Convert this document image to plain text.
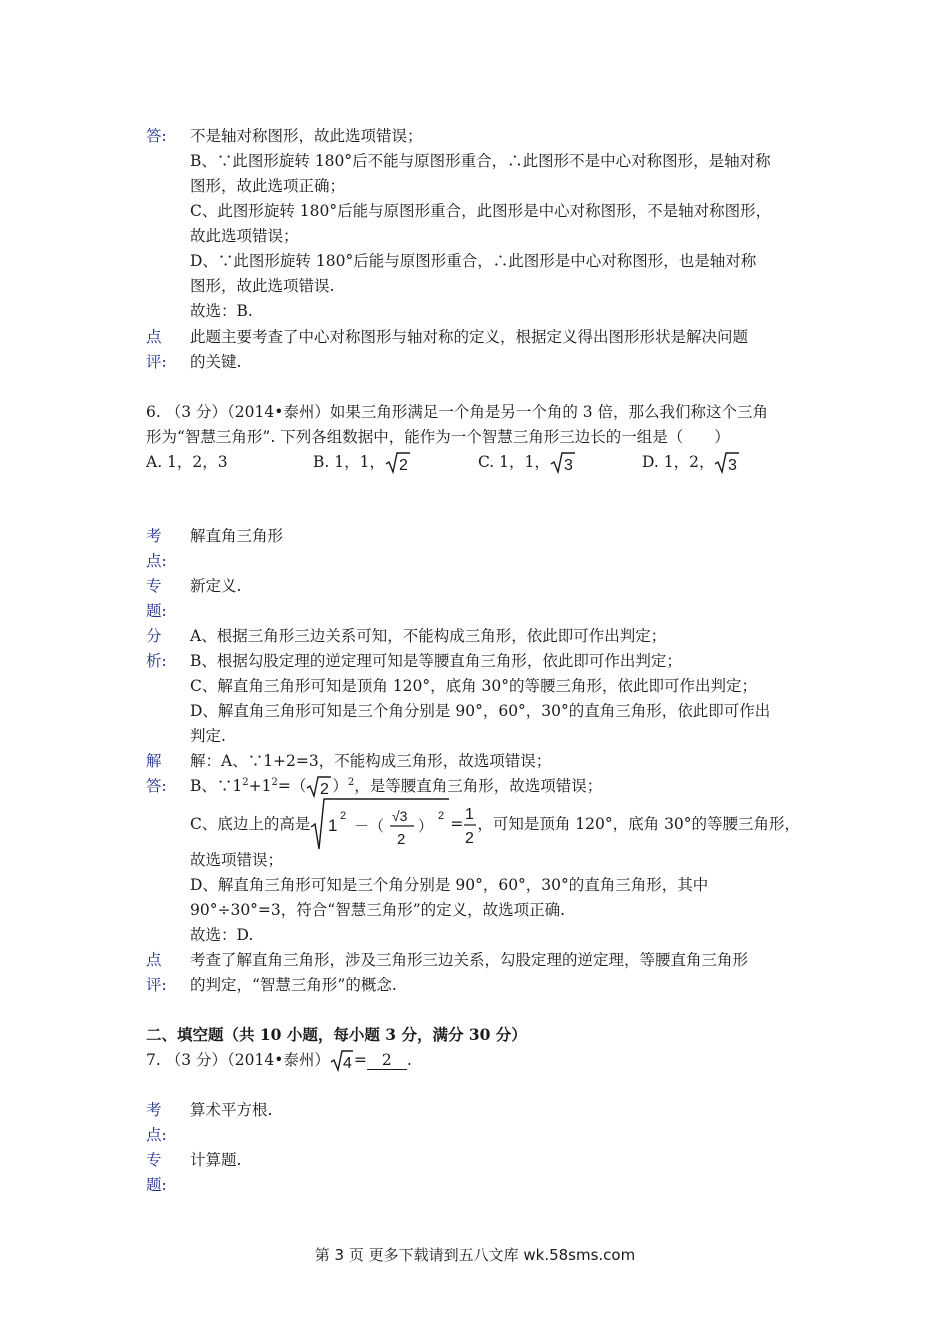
答: 不是轴对称图形，故此选项错误；
B、∵此图形旋转 180°后不能与原图形重合，∴此图形不是中心对称图形，是轴对称
图形，故此选项正确；
C、此图形旋转 180°后能与原图形重合，此图形是中心对称图形，不是轴对称图形，
故此选项错误；
D、∵此图形旋转 180°后能与原图形重合，∴此图形是中心对称图形，也是轴对称
图形，故此选项错误.
故选：B.
点
评:
此题主要考查了中心对称图形与轴对称的定义，根据定义得出图形形状是解决问题
的关键.
6. （3 分）（2014•泰州）如果三角形满足一个角是另一个角的 3 倍，那么我们称这个三角
形为“智慧三角形”. 下列各组数据中，能作为一个智慧三角形三边长的一组是（　　）
A. 1，2，3	B. 1，1， 2	C. 1，1， 3	D. 1，2， 3
考
点:
解直角三角形
专
题:
新定义.
分
析:
A、根据三角形三边关系可知，不能构成三角形，依此即可作出判定；
B、根据勾股定理的逆定理可知是等腰直角三角形，依此即可作出判定；
C、解直角三角形可知是顶角 120°，底角 30°的等腰三角形，依此即可作出判定；
D、解直角三角形可知是三个角分别是 90°，60°，30°的直角三角形，依此即可作出
判定.
解
答:
解：A、∵1+2=3，不能构成三角形，故选项错误；
B、$\because 1^2+1^2=$（ 2 ）$^2$，是等腰直角三角形，故选项错误；
C、底边上的高是 1 2
－（
√3
2
）
2 =
1
2
，可知是顶角 120°，底角 30°的等腰三角形，
故选项错误；
D、解直角三角形可知是三个角分别是 90°，60°，30°的直角三角形，其中
90°÷30°=3，符合“智慧三角形”的定义，故选项正确.
故选：D.
点
评:
考查了解直角三角形，涉及三角形三边关系，勾股定理的逆定理，等腰直角三角形
的判定，“智慧三角形”的概念.
二、填空题（共 10 小题，每小题 3 分，满分 30 分）
7. （3 分）（2014•泰州） 4 = 2 .
考
点:
算术平方根.
专
题:
计算题.
第 3 页 更多下载请到五八文库 wk.58sms.com
